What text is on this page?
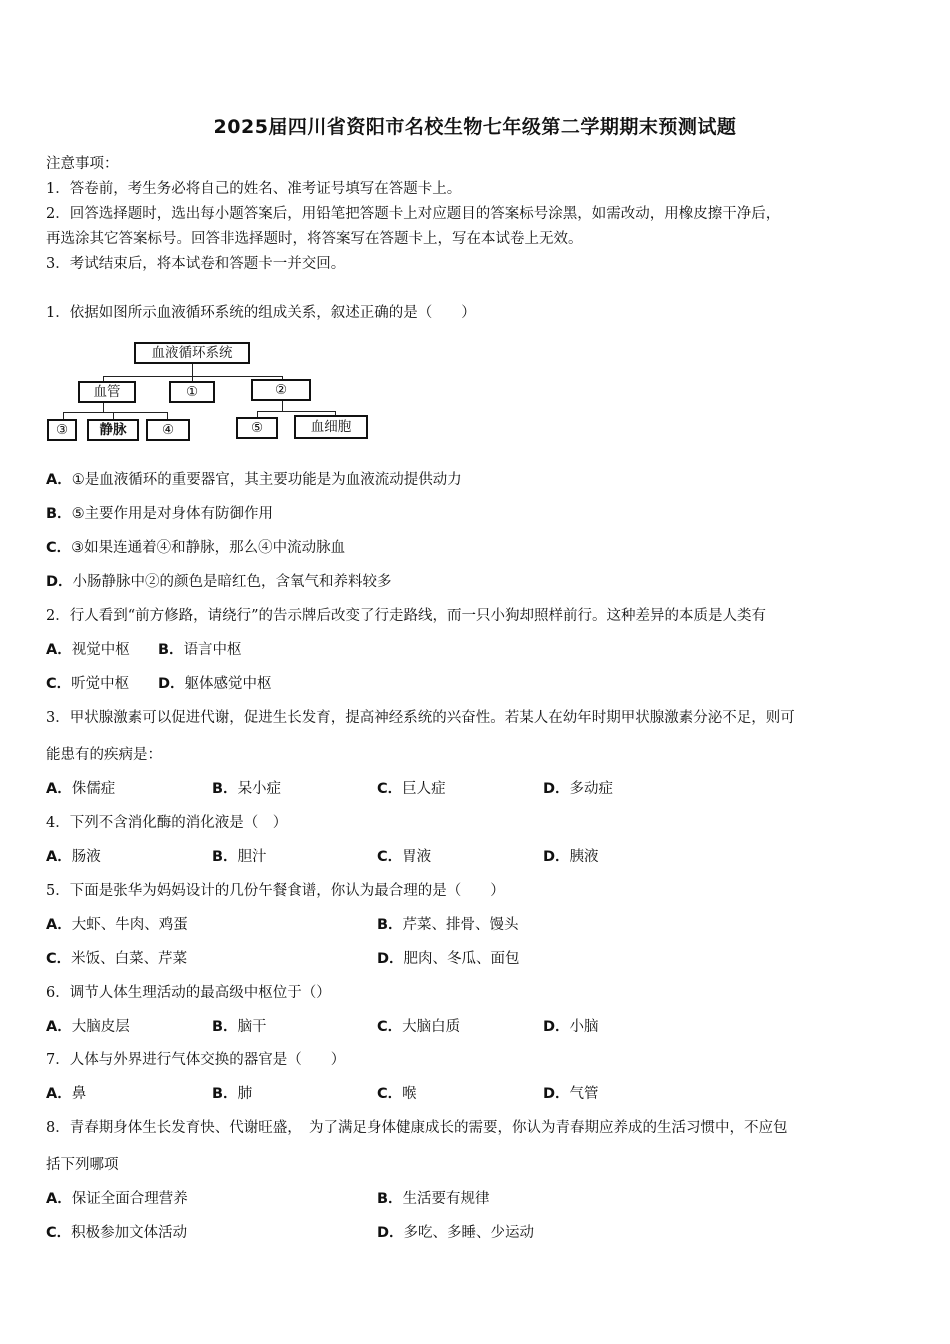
2025届四川省资阳市名校生物七年级第二学期期末预测试题
注意事项：
1．答卷前，考生务必将自己的姓名、准考证号填写在答题卡上。
2．回答选择题时，选出每小题答案后，用铅笔把答题卡上对应题目的答案标号涂黑，如需改动，用橡皮擦干净后，
再选涂其它答案标号。回答非选择题时，将答案写在答题卡上，写在本试卷上无效。
3．考试结束后，将本试卷和答题卡一并交回。
1．依据如图所示血液循环系统的组成关系，叙述正确的是（　　）
血液循环系统
血管	①	②
③	静脉	④	⑤	血细胞
A．①是血液循环的重要器官，其主要功能是为血液流动提供动力
B．⑤主要作用是对身体有防御作用
C．③如果连通着④和静脉，那么④中流动脉血
D．小肠静脉中②的颜色是暗红色，含氧气和养料较多
2．行人看到“前方修路，请绕行”的告示牌后改变了行走路线，而一只小狗却照样前行。这种差异的本质是人类有
A．视觉中枢 B．语言中枢
C．听觉中枢 D．躯体感觉中枢
3．甲状腺激素可以促进代谢，促进生长发育，提高神经系统的兴奋性。若某人在幼年时期甲状腺激素分泌不足，则可
能患有的疾病是：
A．侏儒症	B．呆小症	C．巨人症	D．多动症
4．下列不含消化酶的消化液是（　）
A．肠液	B．胆汁	C．胃液	D．胰液
5．下面是张华为妈妈设计的几份午餐食谱，你认为最合理的是（　　）
A．大虾、牛肉、鸡蛋	B．芹菜、排骨、馒头
C．米饭、白菜、芹菜	D．肥肉、冬瓜、面包
6．调节人体生理活动的最高级中枢位于（）
A．大脑皮层	B．脑干	C．大脑白质	D．小脑
7．人体与外界进行气体交换的器官是（　　）
A．鼻	B．肺	C．喉	D．气管
8．青春期身体生长发育快、代谢旺盛，　为了满足身体健康成长的需要，你认为青春期应养成的生活习惯中，不应包
括下列哪项
A．保证全面合理营养	B．生活要有规律
C．积极参加文体活动	D．多吃、多睡、少运动
